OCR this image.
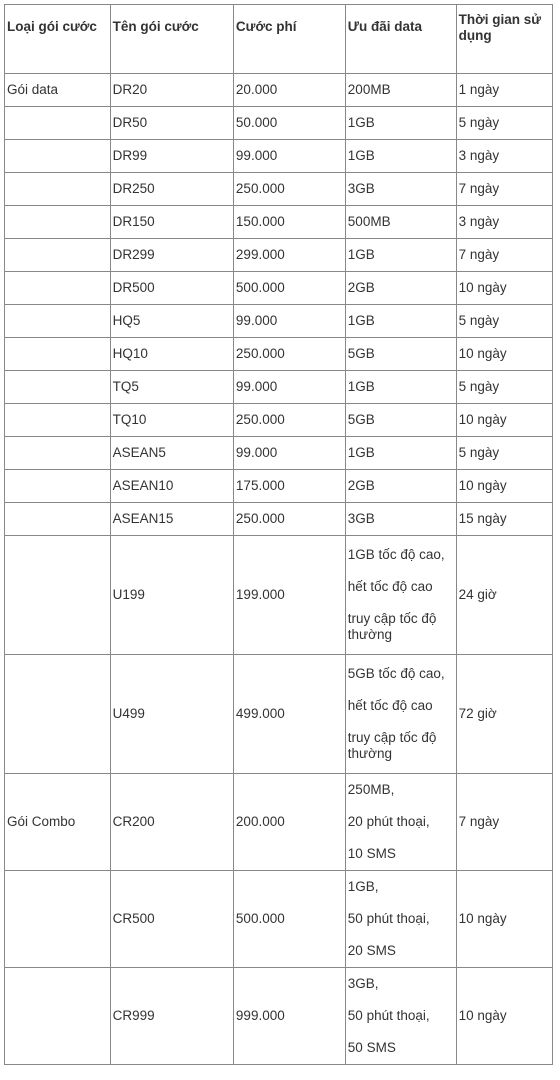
Loại gói cước	Tên gói cước	Cước phí	Ưu đãi data	Thời gian sử dụng
Gói data	DR20	20.000	200MB	1 ngày
	DR50	50.000	1GB	5 ngày
	DR99	99.000	1GB	3 ngày
	DR250	250.000	3GB	7 ngày
	DR150	150.000	500MB	3 ngày
	DR299	299.000	1GB	7 ngày
	DR500	500.000	2GB	10 ngày
	HQ5	99.000	1GB	5 ngày
	HQ10	250.000	5GB	10 ngày
	TQ5	99.000	1GB	5 ngày
	TQ10	250.000	5GB	10 ngày
	ASEAN5	99.000	1GB	5 ngày
	ASEAN10	175.000	2GB	10 ngày
	ASEAN15	250.000	3GB	15 ngày
	U199	199.000	1GB tốc độ cao,
hết tốc độ cao
truy cập tốc độ
thường	24 giờ
	U499	499.000	5GB tốc độ cao,
hết tốc độ cao
truy cập tốc độ
thường	72 giờ
Gói Combo	CR200	200.000	250MB,
20 phút thoại,
10 SMS	7 ngày
	CR500	500.000	1GB,
50 phút thoại,
20 SMS	10 ngày
	CR999	999.000	3GB,
50 phút thoại,
50 SMS	10 ngày
